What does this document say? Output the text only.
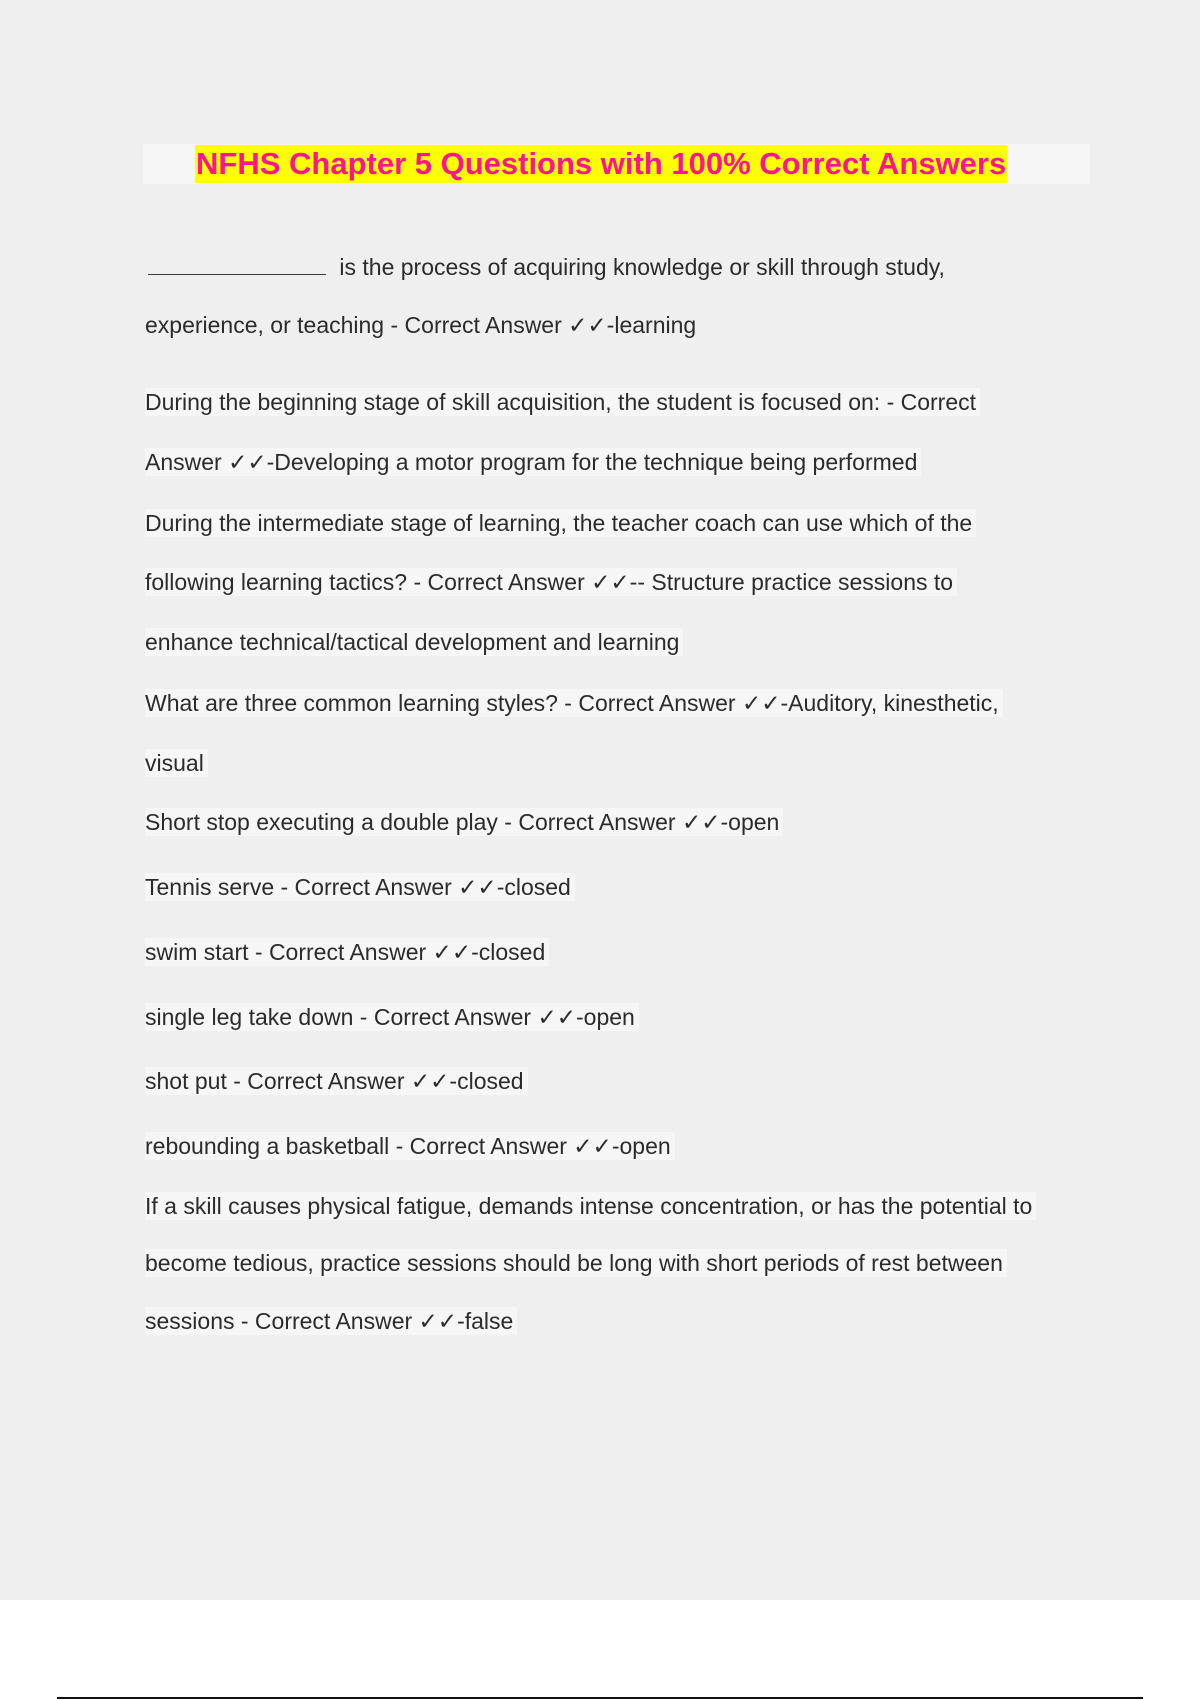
NFHS Chapter 5 Questions with 100% Correct Answers
is the process of acquiring knowledge or skill through study,
experience, or teaching - Correct Answer ✓✓-learning
During the beginning stage of skill acquisition, the student is focused on: - Correct
Answer ✓✓-Developing a motor program for the technique being performed
During the intermediate stage of learning, the teacher coach can use which of the
following learning tactics? - Correct Answer ✓✓-- Structure practice sessions to
enhance technical/tactical development and learning
What are three common learning styles? - Correct Answer ✓✓-Auditory, kinesthetic,
visual
Short stop executing a double play - Correct Answer ✓✓-open
Tennis serve - Correct Answer ✓✓-closed
swim start - Correct Answer ✓✓-closed
single leg take down - Correct Answer ✓✓-open
shot put - Correct Answer ✓✓-closed
rebounding a basketball - Correct Answer ✓✓-open
If a skill causes physical fatigue, demands intense concentration, or has the potential to
become tedious, practice sessions should be long with short periods of rest between
sessions - Correct Answer ✓✓-false
